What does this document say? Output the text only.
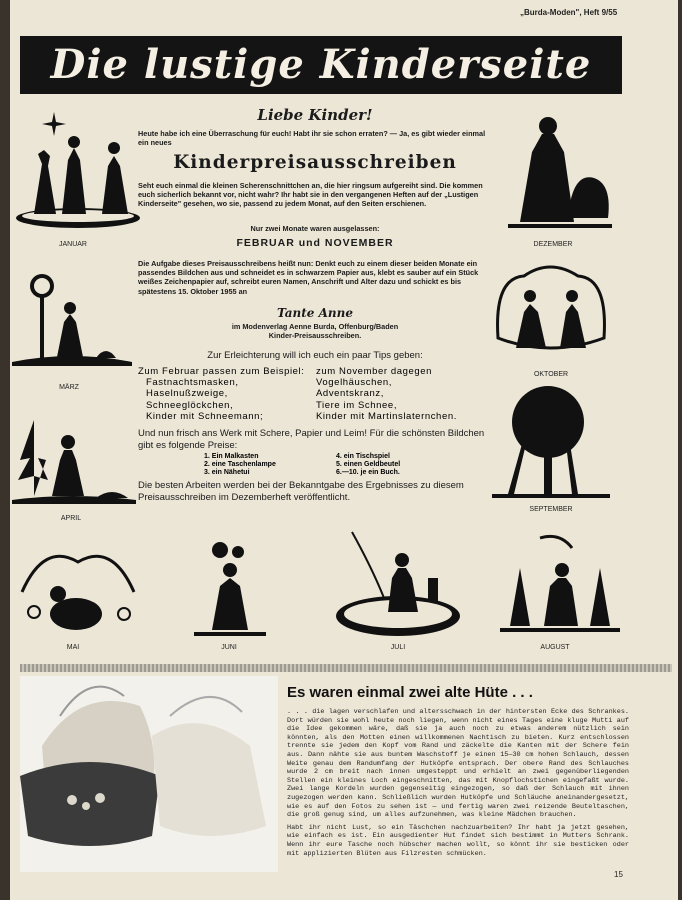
„Burda-Moden", Heft 9/55
Die lustige Kinderseite
Liebe Kinder!
Heute habe ich eine Überraschung für euch! Habt ihr sie schon erraten? — Ja, es gibt wieder einmal ein neues
Kinderpreisausschreiben
Seht euch einmal die kleinen Scherenschnittchen an, die hier ringsum aufgereiht sind. Die kommen euch sicherlich bekannt vor, nicht wahr? Ihr habt sie in den vergangenen Heften auf der „Lustigen Kinderseite" gesehen, wo sie, passend zu jedem Monat, auf den Seiten erschienen.
Nur zwei Monate waren ausgelassen:
FEBRUAR und NOVEMBER
Die Aufgabe dieses Preisausschreibens heißt nun: Denkt euch zu einem dieser beiden Monate ein passendes Bildchen aus und schneidet es in schwarzem Papier aus, klebt es sauber auf ein Stück weißes Zeichenpapier auf, schreibt euren Namen, Anschrift und Alter dazu und schickt es bis spätestens 15. Oktober 1955 an
Tante Anne
im Modenverlag Aenne Burda, Offenburg/Baden
Kinder-Preisausschreiben.
Zur Erleichterung will ich euch ein paar Tips geben:
Zum Februar passen zum Beispiel:	zum November dagegen
Fastnachtsmasken,	Vogelhäuschen,
Haselnußzweige,	Adventskranz,
Schneeglöckchen,	Tiere im Schnee,
Kinder mit Schneemann;	Kinder mit Martinslaternchen.
Und nun frisch ans Werk mit Schere, Papier und Leim! Für die schönsten Bildchen gibt es folgende Preise:
1. Ein Malkasten	4. ein Tischspiel
2. eine Taschenlampe	5. einen Geldbeutel
3. ein Nähetui	6.—10. je ein Buch.
Die besten Arbeiten werden bei der Bekanntgabe des Ergebnisses zu diesem Preisausschreiben im Dezemberheft veröffentlicht.
JANUAR
MÄRZ
APRIL
MAI	JUNI	JULI	AUGUST
SEPTEMBER
OKTOBER
DEZEMBER
Es waren einmal zwei alte Hüte . . .
. . . die lagen verschlafen und altersschwach in der hintersten Ecke des Schrankes. Dort würden sie wohl heute noch liegen, wenn nicht eines Tages eine kluge Mutti auf die Idee gekommen wäre, daß sie ja auch noch zu etwas anderem nützlich sein könnten, als den Motten einen willkommenen Nachtisch zu bieten. Kurz entschlossen trennte sie jedem den Kopf vom Rand und zäckelte die Kanten mit der Schere fein aus. Dann nähte sie aus buntem Waschstoff je einen 15—30 cm hohen Schlauch, dessen Weite genau dem Randumfang der Hutköpfe entsprach. Der obere Rand des Schlauches wurde 2 cm breit nach innen umgesteppt und erhielt an zwei gegenüberliegenden Stellen ein kleines Loch eingeschnitten, das mit Knopflochstichen eingefaßt wurde. Zwei lange Kordeln wurden gegenseitig eingezogen, so daß der Schlauch mit ihnen zugezogen werden kann. Schließlich wurden Hutköpfe und Schläuche aneinandergesetzt, wie es auf den Fotos zu sehen ist — und fertig waren zwei reizende Beuteltaschen, die groß genug sind, um alles aufzunehmen, was kleine Mädchen brauchen.
Habt ihr nicht Lust, so ein Täschchen nachzuarbeiten? Ihr habt ja jetzt gesehen, wie einfach es ist. Ein ausgedienter Hut findet sich bestimmt in Mutters Schrank. Wenn ihr eure Tasche noch hübscher machen wollt, so könnt ihr sie besticken oder mit applizierten Blüten aus Filzresten schmücken.
15
